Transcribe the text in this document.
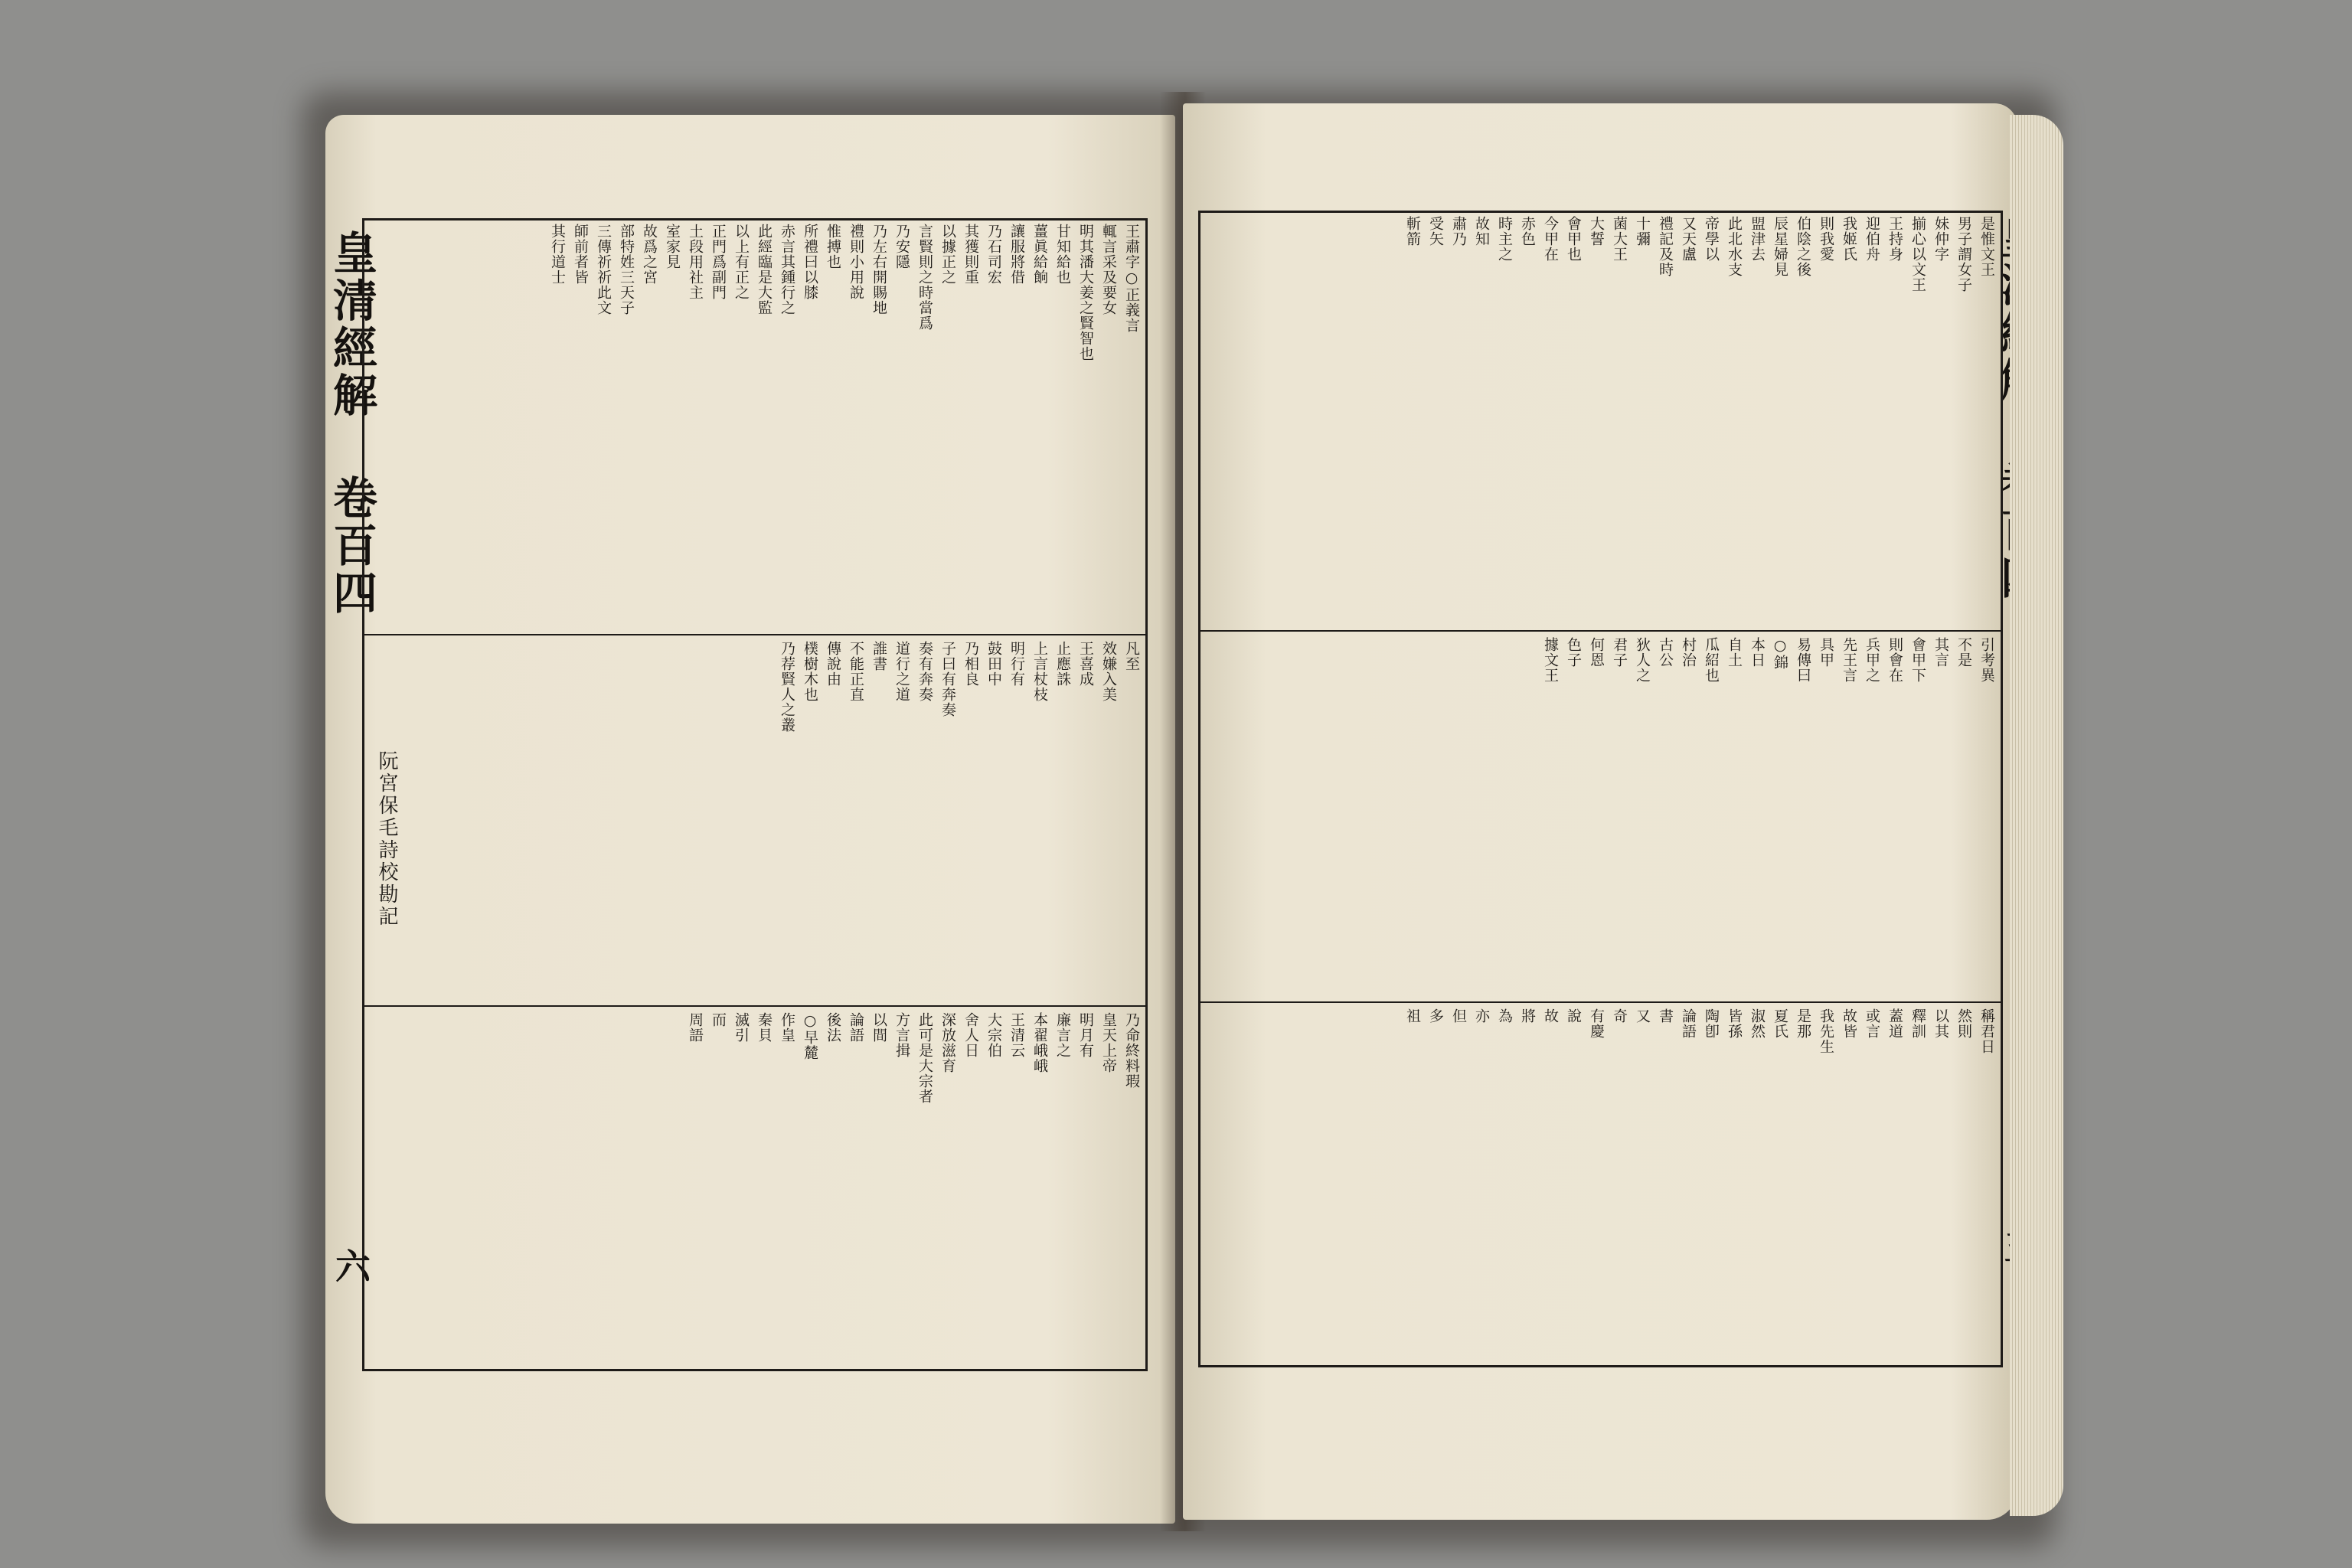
皇清經解 卷百四
阮宮保毛詩校勘記
六
王肅字○正義言
輒言采及要女
明其潘大姜之賢智也
甘知給也
薑眞給餉
讓服將借
乃石司宏
其獲則重
以據正之
言賢則之時當爲
乃安隱
乃左右開賜地
禮則小用說
惟搏也
所禮曰以膝
赤言其鍾行之
此經臨是大監
以上有正之
正門爲副門
土段用社主
室家見
故爲之宮
部特姓三天子
三傳祈祈此文
師前者皆
其行道士
凡至
效嫌入美
王喜成
止應誅
上言杖枝
明行有
鼓田中
乃相良
子曰有奔奏
奏有奔奏
道行之道
誰書
不能正直
傳說由
樸樹木也
乃荐賢人之叢
乃命終料瑕
皇天上帝
明月有
廉言之
本翟峨峨
王清云
大宗伯
舍人日
深放滋育
此可是大宗者
方言揖
以間
論語
後法
○早麓
作皇
秦貝
滅引
而
周語
是惟文王
男子謂女子
妹仲字
揃心以文王
王持身
迎伯舟
我姬氏
則我愛
伯陰之後
辰星婦見
盟津去
此北水支
帝學以
又天盧
禮記及時
十彌
菌大王
大誓
會甲也
今甲在
赤色
時主之
故知
肅乃
受矢
斬箭
引考異
不是
其言
會甲下
則會在
兵甲之
先王言
具甲
易傳曰
○錦
本日
自土
瓜紹也
村治
古公
狄人之
君子
何恩
色子
據文王
稱君日
然則
以其
釋訓
蓋道
或言
故皆
我先生
是那
夏氏
淑然
皆孫
陶卽
論語
書
又
奇
有慶
說
故
將
為
亦
但
多
祖
